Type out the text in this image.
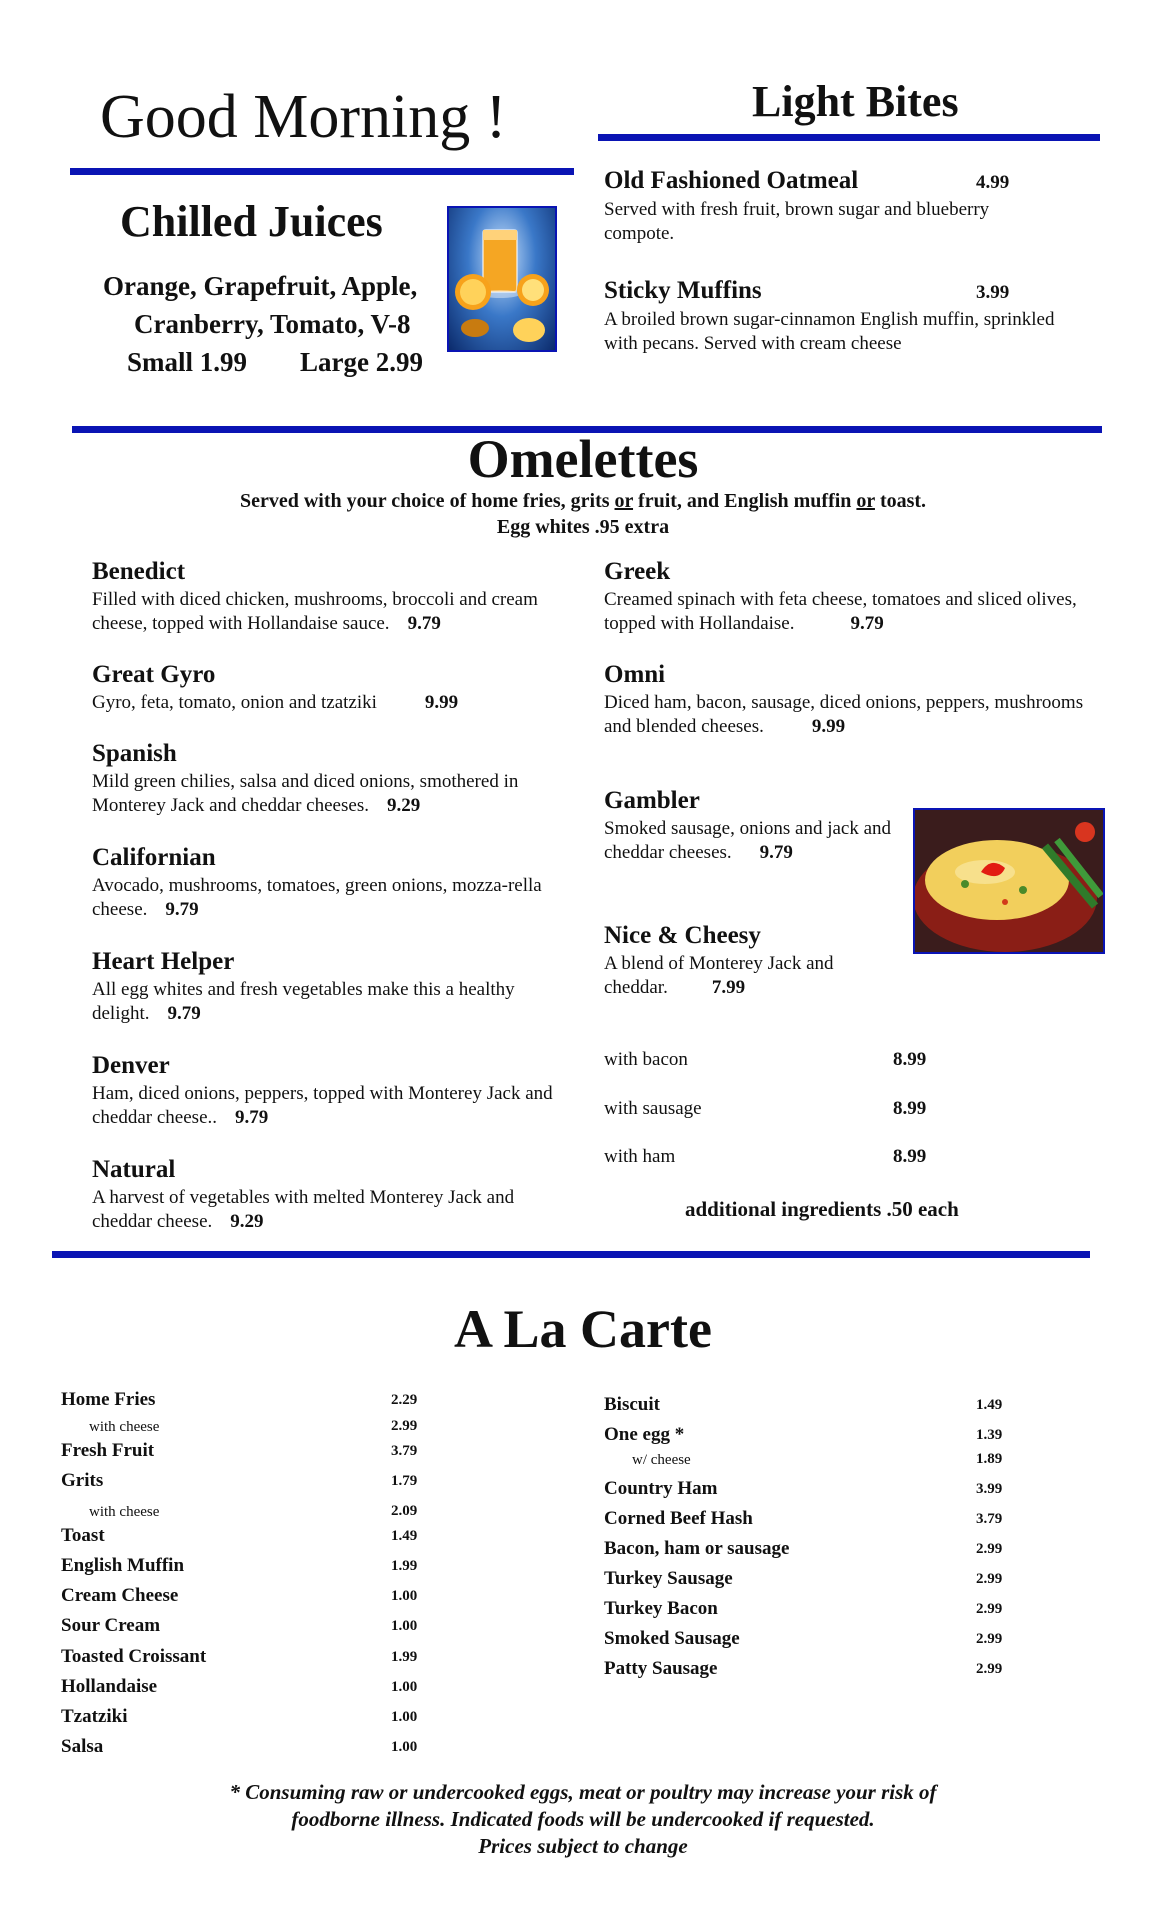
Good Morning !
Chilled Juices
Orange, Grapefruit, Apple,
Cranberry, Tomato, V-8
Small 1.99 Large 2.99
Light Bites
Old Fashioned Oatmeal	4.99
Served with fresh fruit, brown sugar and blueberry compote.
Sticky Muffins	3.99
A broiled brown sugar-cinnamon English muffin, sprinkled with pecans. Served with cream cheese
Omelettes
Served with your choice of home fries, grits or fruit, and English muffin or toast.
Egg whites .95 extra
Benedict
Filled with diced chicken, mushrooms, broccoli and cream cheese, topped with Hollandaise sauce. 9.79
Great Gyro
Gyro, feta, tomato, onion and tzatziki	9.99
Spanish
Mild green chilies, salsa and diced onions, smothered in Monterey Jack and cheddar cheeses. 9.29
Californian
Avocado, mushrooms, tomatoes, green onions, mozza-rella cheese. 9.79
Heart Helper
All egg whites and fresh vegetables make this a healthy delight. 9.79
Denver
Ham, diced onions, peppers, topped with Monterey Jack and cheddar cheese.. 9.79
Natural
A harvest of vegetables with melted Monterey Jack and cheddar cheese. 9.29
Greek
Creamed spinach with feta cheese, tomatoes and sliced olives, topped with Hollandaise.	9.79
Omni
Diced ham, bacon, sausage, diced onions, peppers, mushrooms and blended cheeses.	9.99
Gambler
Smoked sausage, onions and jack and cheddar cheeses. 9.79
Nice & Cheesy
A blend of Monterey Jack and cheddar. 7.99
with bacon	8.99
with sausage	8.99
with ham	8.99
additional ingredients .50 each
A La Carte
Home Fries	2.29
with cheese	2.99
Fresh Fruit	3.79
Grits	1.79
with cheese	2.09
Toast	1.49
English Muffin	1.99
Cream Cheese	1.00
Sour Cream	1.00
Toasted Croissant	1.99
Hollandaise	1.00
Tzatziki	1.00
Salsa	1.00
Biscuit	1.49
One egg *	1.39
w/ cheese	1.89
Country Ham	3.99
Corned Beef Hash	3.79
Bacon, ham or sausage	2.99
Turkey Sausage	2.99
Turkey Bacon	2.99
Smoked Sausage	2.99
Patty Sausage	2.99
* Consuming raw or undercooked eggs, meat or poultry may increase your risk of
foodborne illness. Indicated foods will be undercooked if requested.
Prices subject to change
